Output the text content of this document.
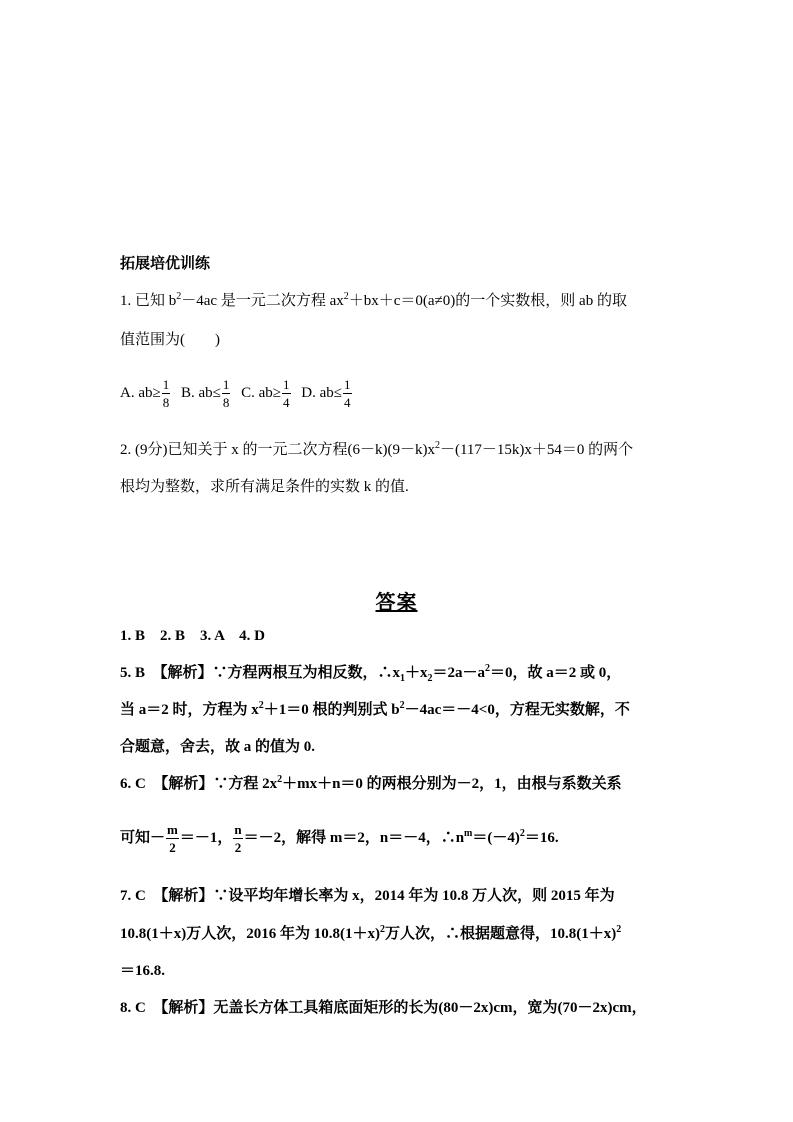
拓展培优训练
1. 已知 $b^2-4ac$ 是一元二次方程 $ax^2+bx+c=0(a\ne 0)$的一个实数根，则 ab 的取
值范围为(　　)
A. $ab\ge \frac{1}{8} B$. $ab\le \frac{1}{8} C$. $ab\ge \frac{1}{4} D$. $ab\le \frac{1}{4}$
2. (9分)已知关于 x 的一元二次方程$(6-k)(9-k)x^2-(117-15k)x+54=0$ 的两个
根均为整数，求所有满足条件的实数 k 的值.
答案
1. B　2. B　3. A　4. D
5. B　【解析】∵方程两根互为相反数，$\therefore x_1+x_2=2a-a^2=0$，故 a＝2 或 0，
当 a＝2 时，方程为 $x^2+1=0$ 根的判别式 $b^2-4ac=-4<0$，方程无实数解，不
合题意，舍去，故 a 的值为 0.
6. C　【解析】∵方程 $2x^2+mx+n=0$ 的两根分别为－2，1，由根与系数关系
可知－ $\frac{m}{2} =-1$， $\frac{n}{2} =-2$，解得 m＝2，n＝－4，$\therefore n^m=(-4)^2=16$.
7. C　【解析】∵设平均年增长率为 x，2014 年为 10.8 万人次，则 2015 年为
10.8(1＋x)万人次，2016 年为 $10.8(1+x)^2$万人次，∴根据题意得，$10.8(1+x)^2$
＝16.8.
8. C　【解析】无盖长方体工具箱底面矩形的长为(80－2x)cm，宽为(70－2x)cm，
